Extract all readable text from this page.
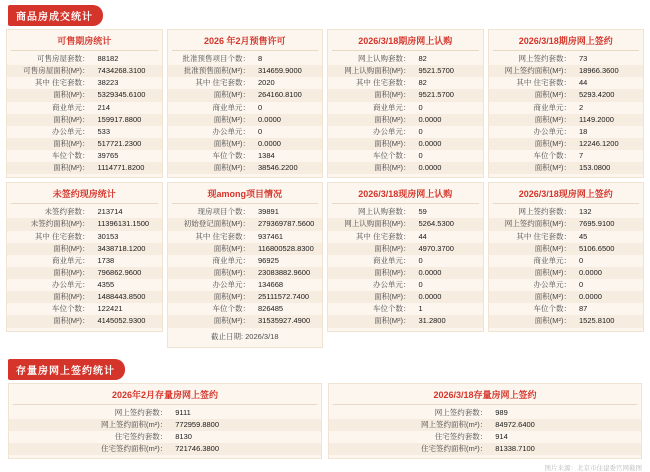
商品房成交统计
可售期房统计
可售房屋套数：	88182
可售房屋面积(M²)：	7434268.3100
其中 住宅套数：	38223
面积(M²)：	5329345.6100
商业单元：	214
面积(M²)：	159917.8800
办公单元：	533
面积(M²)：	517721.2300
车位个数：	39765
面积(M²)：	1114771.8200
未签约现房统计
未签约套数：	213714
未签约面积(M²)：	11396131.1500
其中 住宅套数：	30153
面积(M²)：	3438718.1200
商业单元：	1738
面积(M²)：	796862.9600
办公单元：	4355
面积(M²)：	1488443.8500
车位个数：	122421
面积(M²)：	4145052.9300
2026 年2月预售许可
批准预售项目个数：	8
批准预售面积(M²)：	314659.9000
其中 住宅套数：	2020
面积(M²)：	264160.8100
商业单元：	0
面积(M²)：	0.0000
办公单元：	0
面积(M²)：	0.0000
车位个数：	1384
面积(M²)：	38546.2200
现among项目情况
现房项目个数：	39891
初始登记面积(M²)：	279369787.5600
其中 住宅套数：	937461
面积(M²)：	116800528.8300
商业单元：	96925
面积(M²)：	23083882.9600
办公单元：	134668
面积(M²)：	25111572.7400
车位个数：	826485
面积(M²)：	31535927.4900
截止日期: 2026/3/18
2026/3/18期房网上认购
网上认购套数：	82
网上认购面积(M²)：	9521.5700
其中 住宅套数：	82
面积(M²)：	9521.5700
商业单元：	0
面积(M²)：	0.0000
办公单元：	0
面积(M²)：	0.0000
车位个数：	0
面积(M²)：	0.0000
2026/3/18现房网上认购
网上认购套数：	59
网上认购面积(M²)：	5264.5300
其中 住宅套数：	44
面积(M²)：	4970.3700
商业单元：	0
面积(M²)：	0.0000
办公单元：	0
面积(M²)：	0.0000
车位个数：	1
面积(M²)：	31.2800
2026/3/18期房网上签约
网上签约套数：	73
网上签约面积(M²)：	18966.3600
其中 住宅套数：	44
面积(M²)：	5293.4200
商业单元：	2
面积(M²)：	1149.2000
办公单元：	18
面积(M²)：	12246.1200
车位个数：	7
面积(M²)：	153.0800
2026/3/18现房网上签约
网上签约套数：	132
网上签约面积(M²)：	7695.9100
其中 住宅套数：	45
面积(M²)：	5106.6500
商业单元：	0
面积(M²)：	0.0000
办公单元：	0
面积(M²)：	0.0000
车位个数：	87
面积(M²)：	1525.8100
存量房网上签约统计
2026年2月存量房网上签约
网上签约套数：	9111
网上签约面积(m²)：	772959.8800
住宅签约套数：	8130
住宅签约面积(m²)：	721746.3800
2026/3/18存量房网上签约
网上签约套数：	989
网上签约面积(m²)：	84972.6400
住宅签约套数：	914
住宅签约面积(m²)：	81338.7100
图片来源：北京市住建委官网截图
